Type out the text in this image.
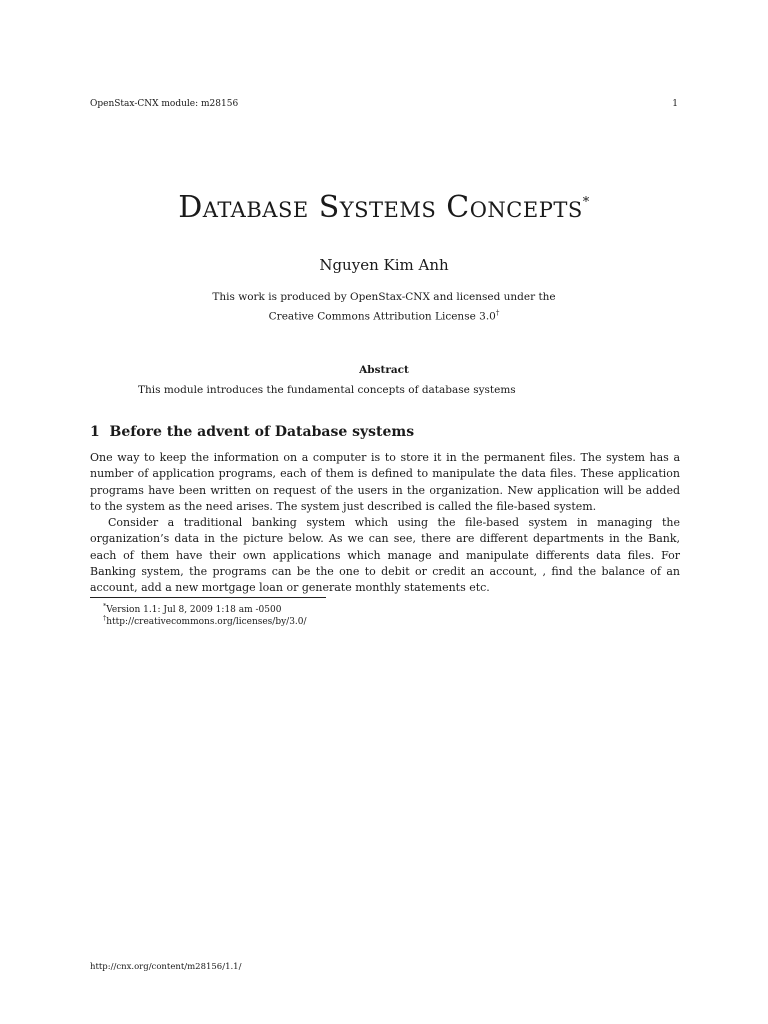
OpenStax-CNX module: m28156	1
Database Systems Concepts*
Nguyen Kim Anh
This work is produced by OpenStax-CNX and licensed under the
Creative Commons Attribution License 3.0†
Abstract
This module introduces the fundamental concepts of database systems
1 Before the advent of Database systems
One way to keep the information on a computer is to store it in the permanent files. The system has a number of application programs, each of them is defined to manipulate the data files. These application programs have been written on request of the users in the organization. New application will be added to the system as the need arises. The system just described is called the file-based system.
Consider a traditional banking system which using the file-based system in managing the organization’s data in the picture below. As we can see, there are different departments in the Bank, each of them have their own applications which manage and manipulate differents data files. For Banking system, the programs can be the one to debit or credit an account, , find the balance of an account, add a new mortgage loan or generate monthly statements etc.
*Version 1.1: Jul 8, 2009 1:18 am -0500
†http://creativecommons.org/licenses/by/3.0/
http://cnx.org/content/m28156/1.1/
